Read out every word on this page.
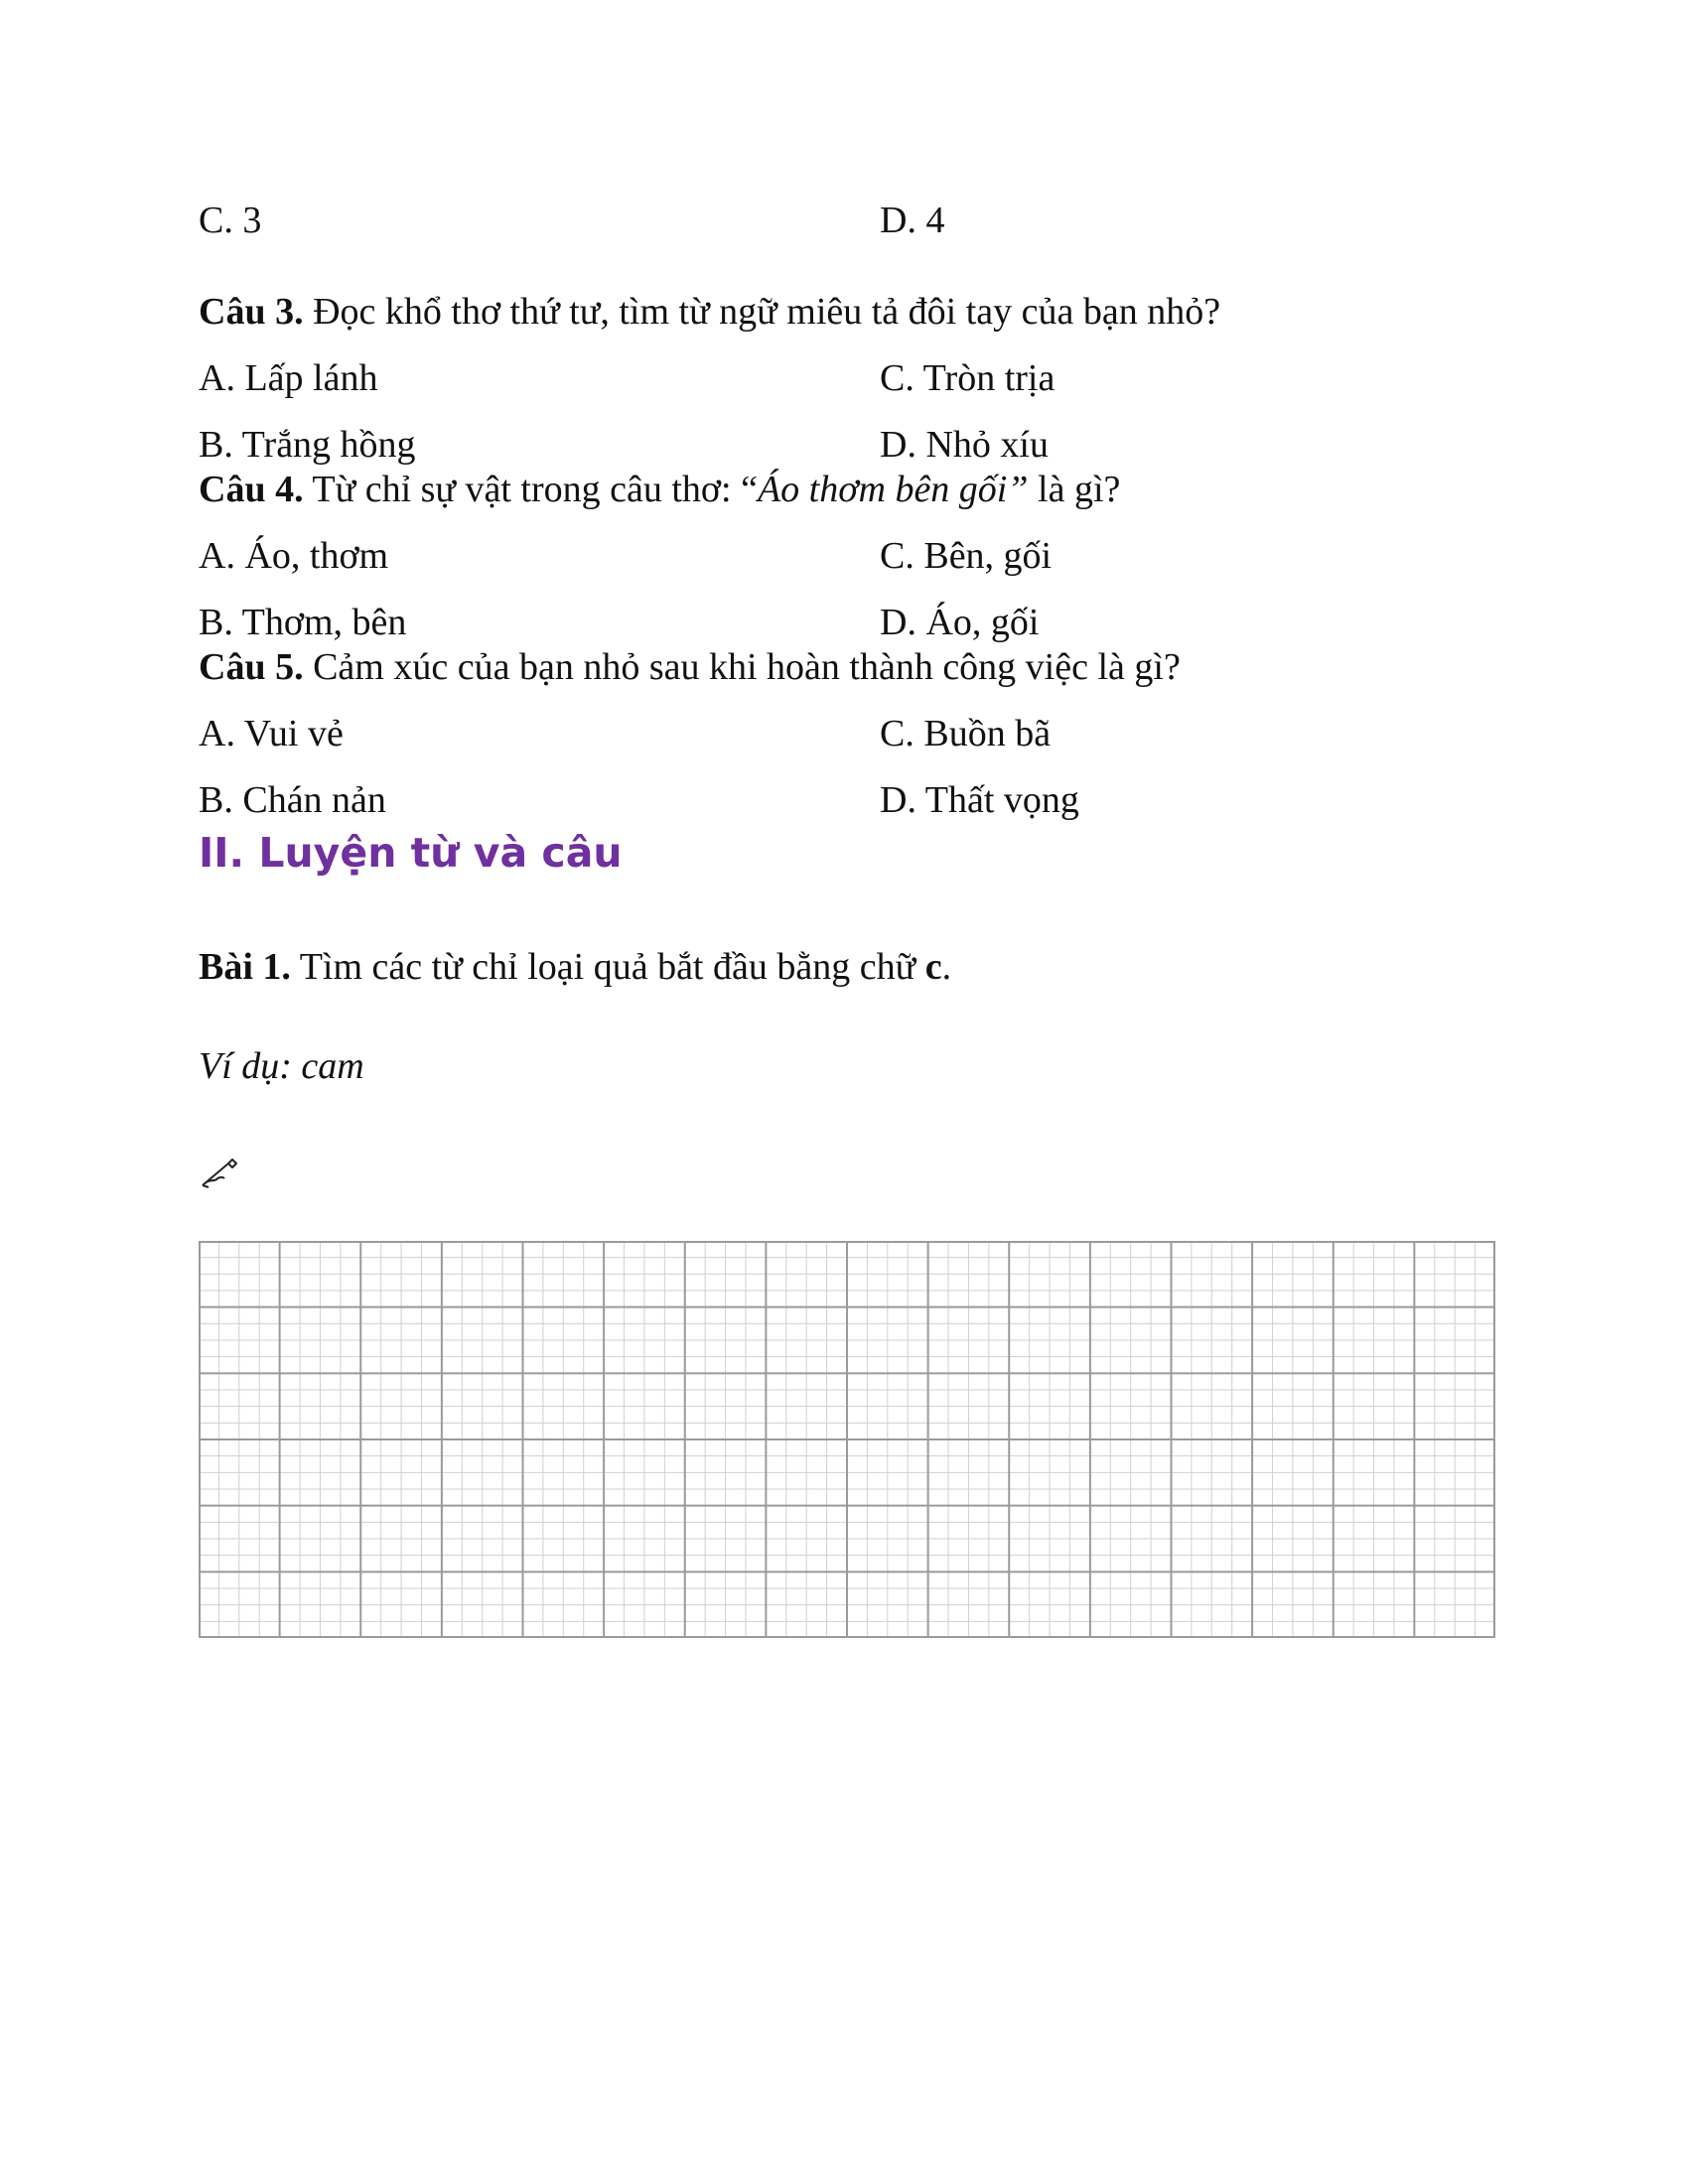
C. 3	D. 4
Câu 3. Đọc khổ thơ thứ tư, tìm từ ngữ miêu tả đôi tay của bạn nhỏ?
A. Lấp lánh	C. Tròn trịa
B. Trắng hồng	D. Nhỏ xíu
Câu 4. Từ chỉ sự vật trong câu thơ: “Áo thơm bên gối” là gì?
A. Áo, thơm	C. Bên, gối
B. Thơm, bên	D. Áo, gối
Câu 5. Cảm xúc của bạn nhỏ sau khi hoàn thành công việc là gì?
A. Vui vẻ	C. Buồn bã
B. Chán nản	D. Thất vọng
II. Luyện từ và câu
Bài 1. Tìm các từ chỉ loại quả bắt đầu bằng chữ c.
Ví dụ: cam
